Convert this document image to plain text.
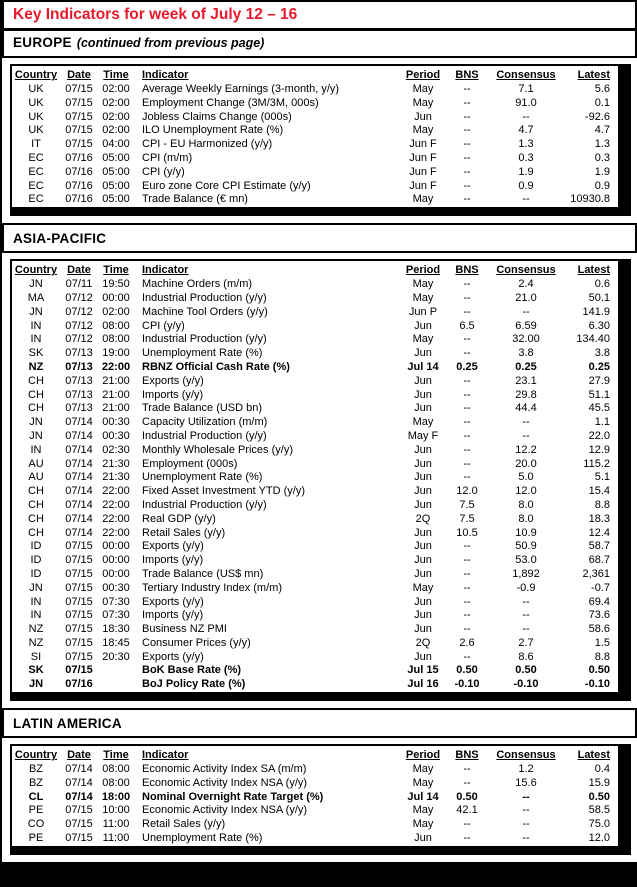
Key Indicators for week of July 12 – 16
EUROPE (continued from previous page)
Country	Date	Time	Indicator	Period	BNS	Consensus	Latest
UK	07/15	02:00	Average Weekly Earnings (3-month, y/y)	May	--	7.1	5.6
UK	07/15	02:00	Employment Change (3M/3M, 000s)	May	--	91.0	0.1
UK	07/15	02:00	Jobless Claims Change (000s)	Jun	--	--	-92.6
UK	07/15	02:00	ILO Unemployment Rate (%)	May	--	4.7	4.7
IT	07/15	04:00	CPI - EU Harmonized (y/y)	Jun F	--	1.3	1.3
EC	07/16	05:00	CPI (m/m)	Jun F	--	0.3	0.3
EC	07/16	05:00	CPI (y/y)	Jun F	--	1.9	1.9
EC	07/16	05:00	Euro zone Core CPI Estimate (y/y)	Jun F	--	0.9	0.9
EC	07/16	05:00	Trade Balance (€ mn)	May	--	--	10930.8
ASIA-PACIFIC
Country	Date	Time	Indicator	Period	BNS	Consensus	Latest
JN	07/11	19:50	Machine Orders (m/m)	May	--	2.4	0.6
MA	07/12	00:00	Industrial Production (y/y)	May	--	21.0	50.1
JN	07/12	02:00	Machine Tool Orders (y/y)	Jun P	--	--	141.9
IN	07/12	08:00	CPI (y/y)	Jun	6.5	6.59	6.30
IN	07/12	08:00	Industrial Production (y/y)	May	--	32.00	134.40
SK	07/13	19:00	Unemployment Rate (%)	Jun	--	3.8	3.8
NZ	07/13	22:00	RBNZ Official Cash Rate (%)	Jul 14	0.25	0.25	0.25
CH	07/13	21:00	Exports (y/y)	Jun	--	23.1	27.9
CH	07/13	21:00	Imports (y/y)	Jun	--	29.8	51.1
CH	07/13	21:00	Trade Balance (USD bn)	Jun	--	44.4	45.5
JN	07/14	00:30	Capacity Utilization (m/m)	May	--	--	1.1
JN	07/14	00:30	Industrial Production (y/y)	May F	--	--	22.0
IN	07/14	02:30	Monthly Wholesale Prices (y/y)	Jun	--	12.2	12.9
AU	07/14	21:30	Employment (000s)	Jun	--	20.0	115.2
AU	07/14	21:30	Unemployment Rate (%)	Jun	--	5.0	5.1
CH	07/14	22:00	Fixed Asset Investment YTD (y/y)	Jun	12.0	12.0	15.4
CH	07/14	22:00	Industrial Production (y/y)	Jun	7.5	8.0	8.8
CH	07/14	22:00	Real GDP (y/y)	2Q	7.5	8.0	18.3
CH	07/14	22:00	Retail Sales (y/y)	Jun	10.5	10.9	12.4
ID	07/15	00:00	Exports (y/y)	Jun	--	50.9	58.7
ID	07/15	00:00	Imports (y/y)	Jun	--	53.0	68.7
ID	07/15	00:00	Trade Balance (US$ mn)	Jun	--	1,892	2,361
JN	07/15	00:30	Tertiary Industry Index (m/m)	May	--	-0.9	-0.7
IN	07/15	07:30	Exports (y/y)	Jun	--	--	69.4
IN	07/15	07:30	Imports (y/y)	Jun	--	--	73.6
NZ	07/15	18:30	Business NZ PMI	Jun	--	--	58.6
NZ	07/15	18:45	Consumer Prices (y/y)	2Q	2.6	2.7	1.5
SI	07/15	20:30	Exports (y/y)	Jun	--	8.6	8.8
SK	07/15		BoK Base Rate (%)	Jul 15	0.50	0.50	0.50
JN	07/16		BoJ Policy Rate (%)	Jul 16	-0.10	-0.10	-0.10
LATIN AMERICA
Country	Date	Time	Indicator	Period	BNS	Consensus	Latest
BZ	07/14	08:00	Economic Activity Index SA (m/m)	May	--	1.2	0.4
BZ	07/14	08:00	Economic Activity Index NSA (y/y)	May	--	15.6	15.9
CL	07/14	18:00	Nominal Overnight Rate Target (%)	Jul 14	0.50	--	0.50
PE	07/15	10:00	Economic Activity Index NSA (y/y)	May	42.1	--	58.5
CO	07/15	11:00	Retail Sales (y/y)	May	--	--	75.0
PE	07/15	11:00	Unemployment Rate (%)	Jun	--	--	12.0
